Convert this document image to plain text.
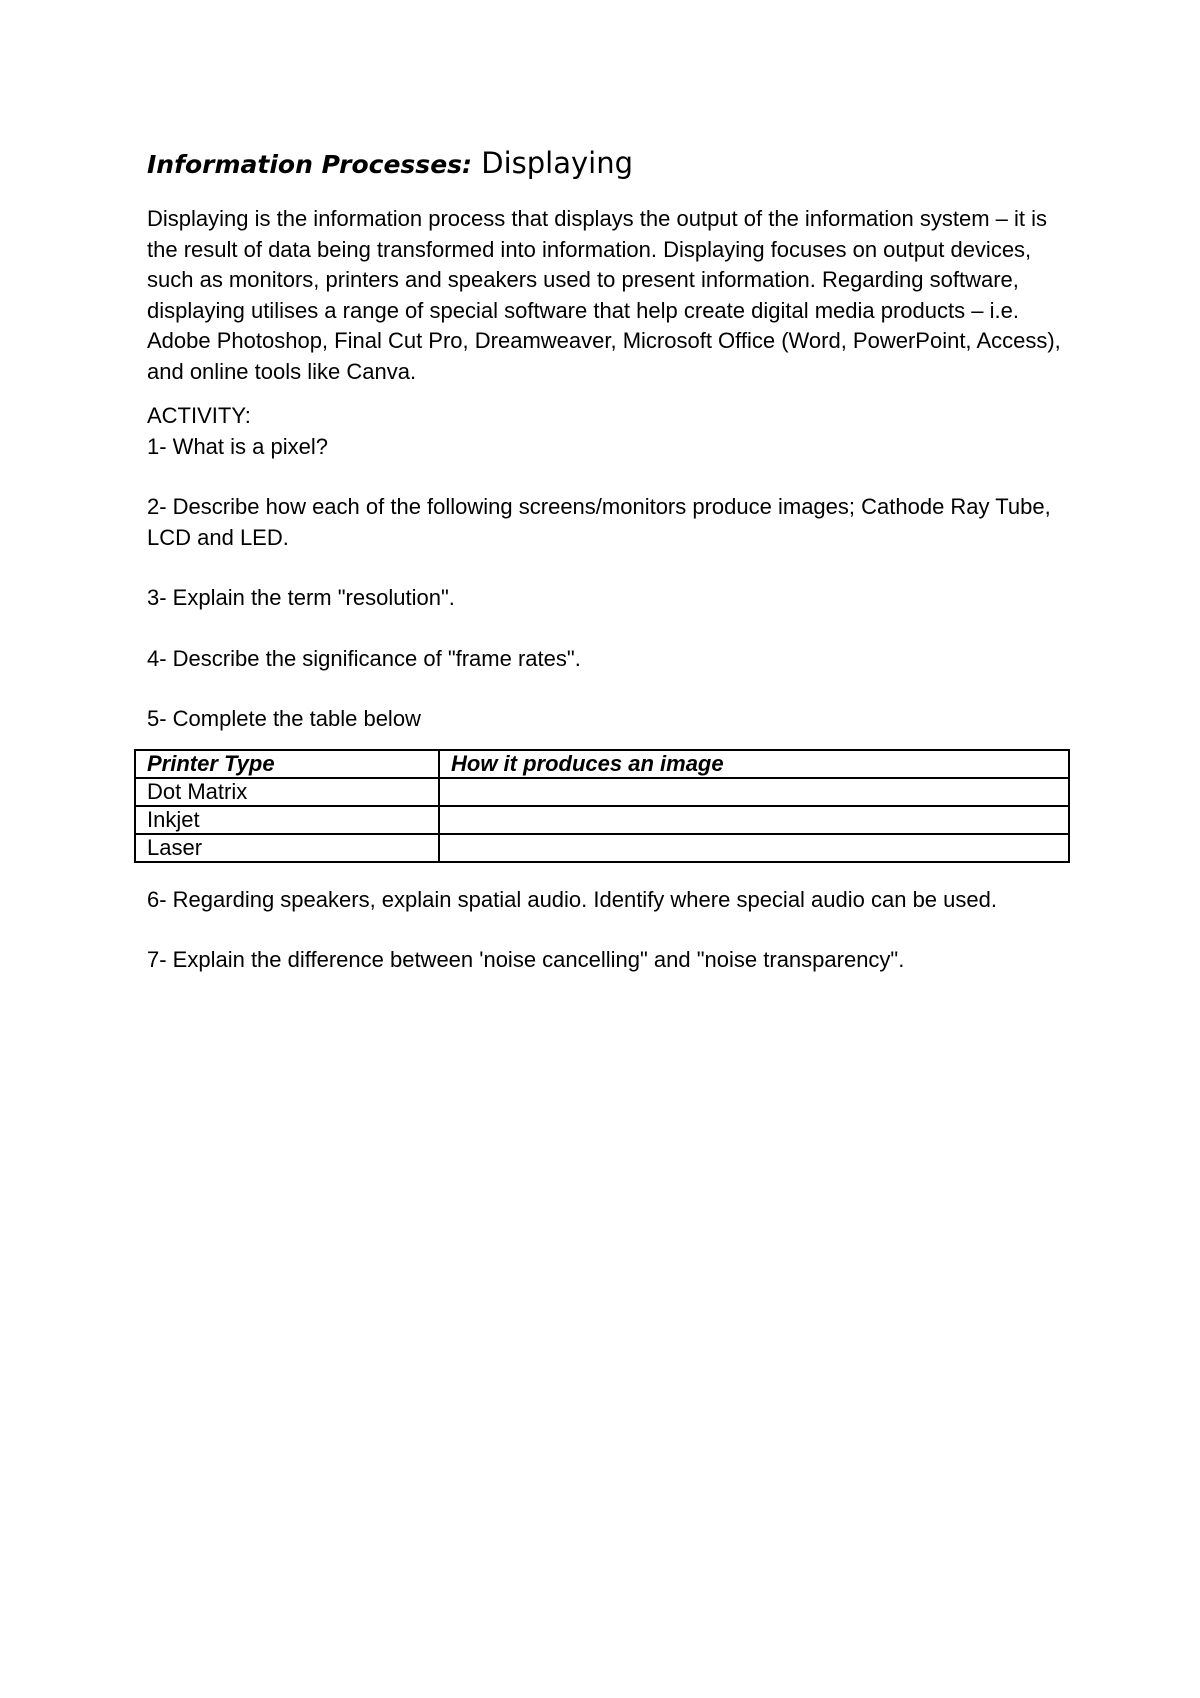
Information Processes: Displaying

Displaying is the information process that displays the output of the information system – it is the result of data being transformed into information. Displaying focuses on output devices, such as monitors, printers and speakers used to present information. Regarding software, displaying utilises a range of special software that help create digital media products – i.e. Adobe Photoshop, Final Cut Pro, Dreamweaver, Microsoft Office (Word, PowerPoint, Access), and online tools like Canva.

ACTIVITY:

1- What is a pixel?

2- Describe how each of the following screens/monitors produce images; Cathode Ray Tube, LCD and LED.

3- Explain the term "resolution".

4- Describe the significance of "frame rates".

5- Complete the table below

Printer Type	How it produces an image
Dot Matrix	
Inkjet	
Laser	

6- Regarding speakers, explain spatial audio. Identify where special audio can be used.

7- Explain the difference between 'noise cancelling" and "noise transparency".
